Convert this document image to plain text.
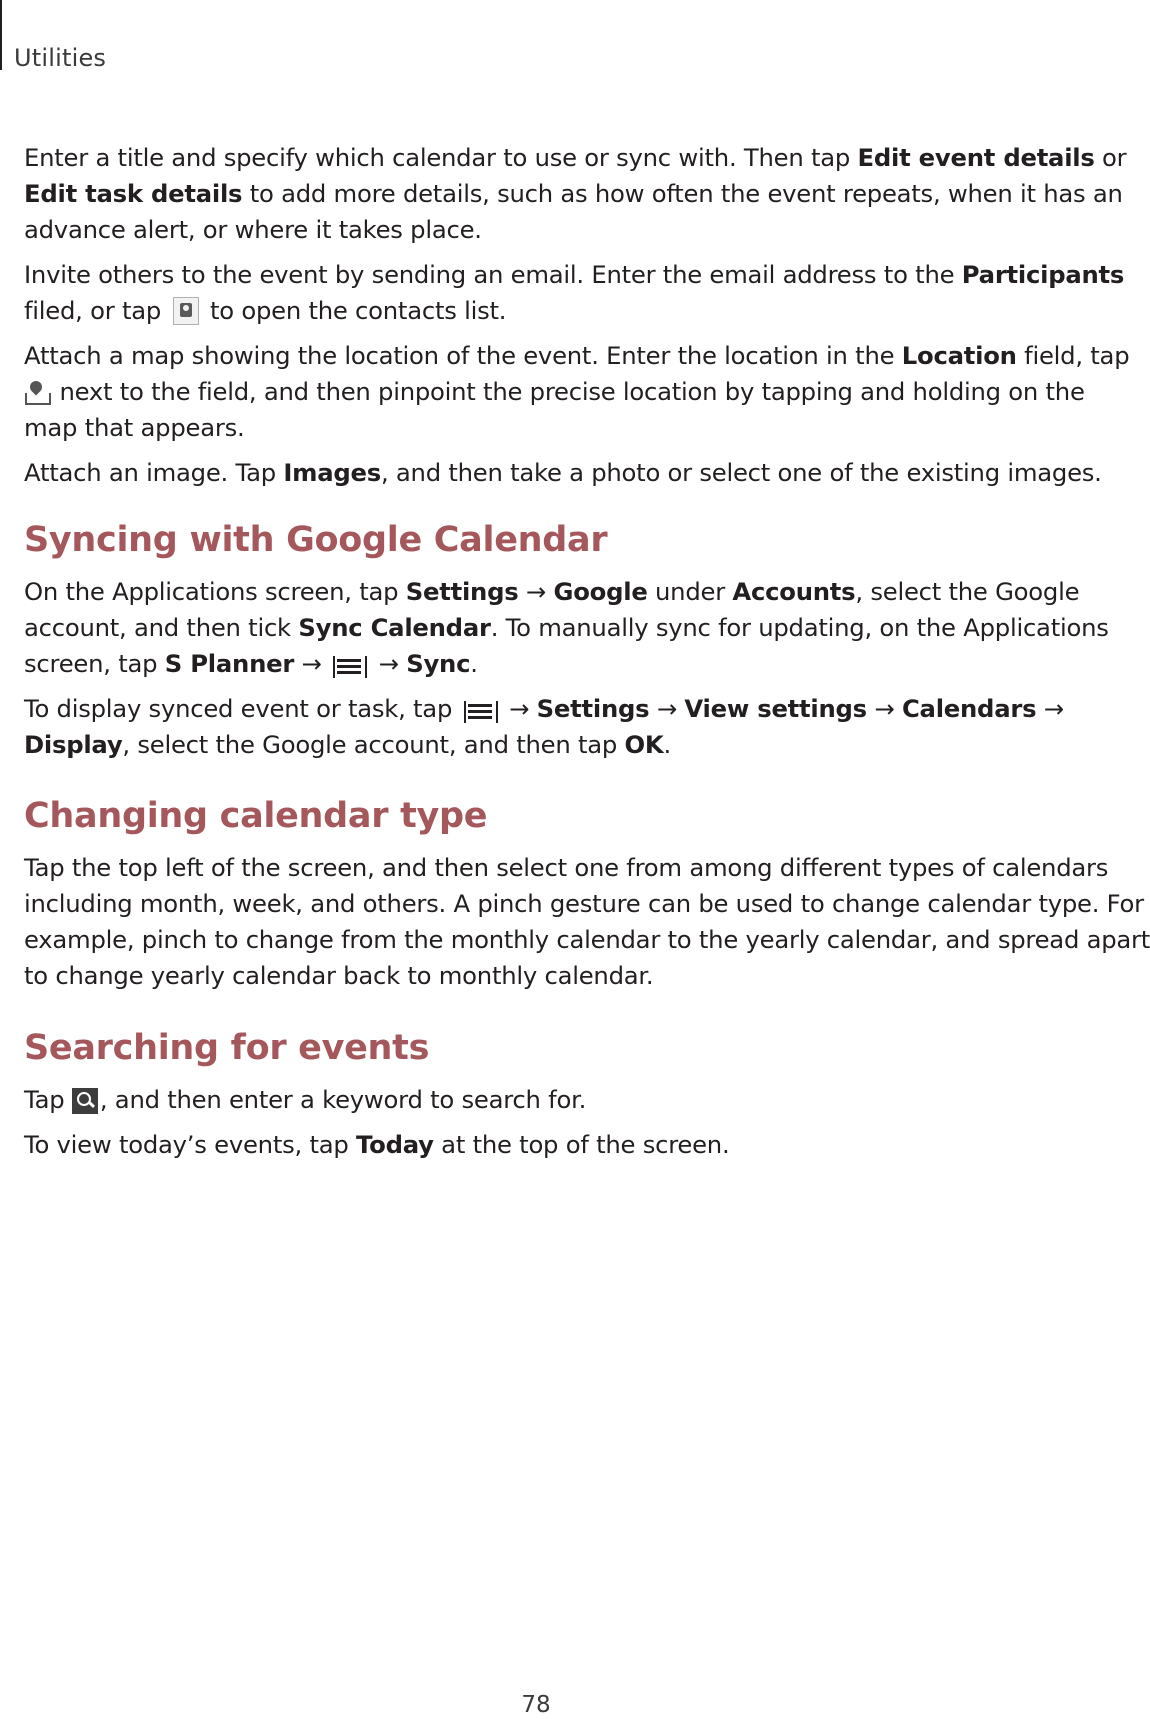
Utilities

Enter a title and specify which calendar to use or sync with. Then tap Edit event details or
Edit task details to add more details, such as how often the event repeats, when it has an
advance alert, or where it takes place.

Invite others to the event by sending an email. Enter the email address to the Participants
filed, or tap
to open the contacts list.

Attach a map showing the location of the event. Enter the location in the Location field, tap

next to the field, and then pinpoint the precise location by tapping and holding on the
map that appears.

Attach an image. Tap Images, and then take a photo or select one of the existing images.

Syncing with Google Calendar

On the Applications screen, tap Settings → Google under Accounts, select the Google
account, and then tick Sync Calendar. To manually sync for updating, on the Applications
screen, tap S Planner →
→ Sync.

To display synced event or task, tap
→ Settings → View settings → Calendars →
Display, select the Google account, and then tap OK.

Changing calendar type

Tap the top left of the screen, and then select one from among different types of calendars
including month, week, and others. A pinch gesture can be used to change calendar type. For
example, pinch to change from the monthly calendar to the yearly calendar, and spread apart
to change yearly calendar back to monthly calendar.

Searching for events

Tap
, and then enter a keyword to search for.

To view today’s events, tap Today at the top of the screen.

78
